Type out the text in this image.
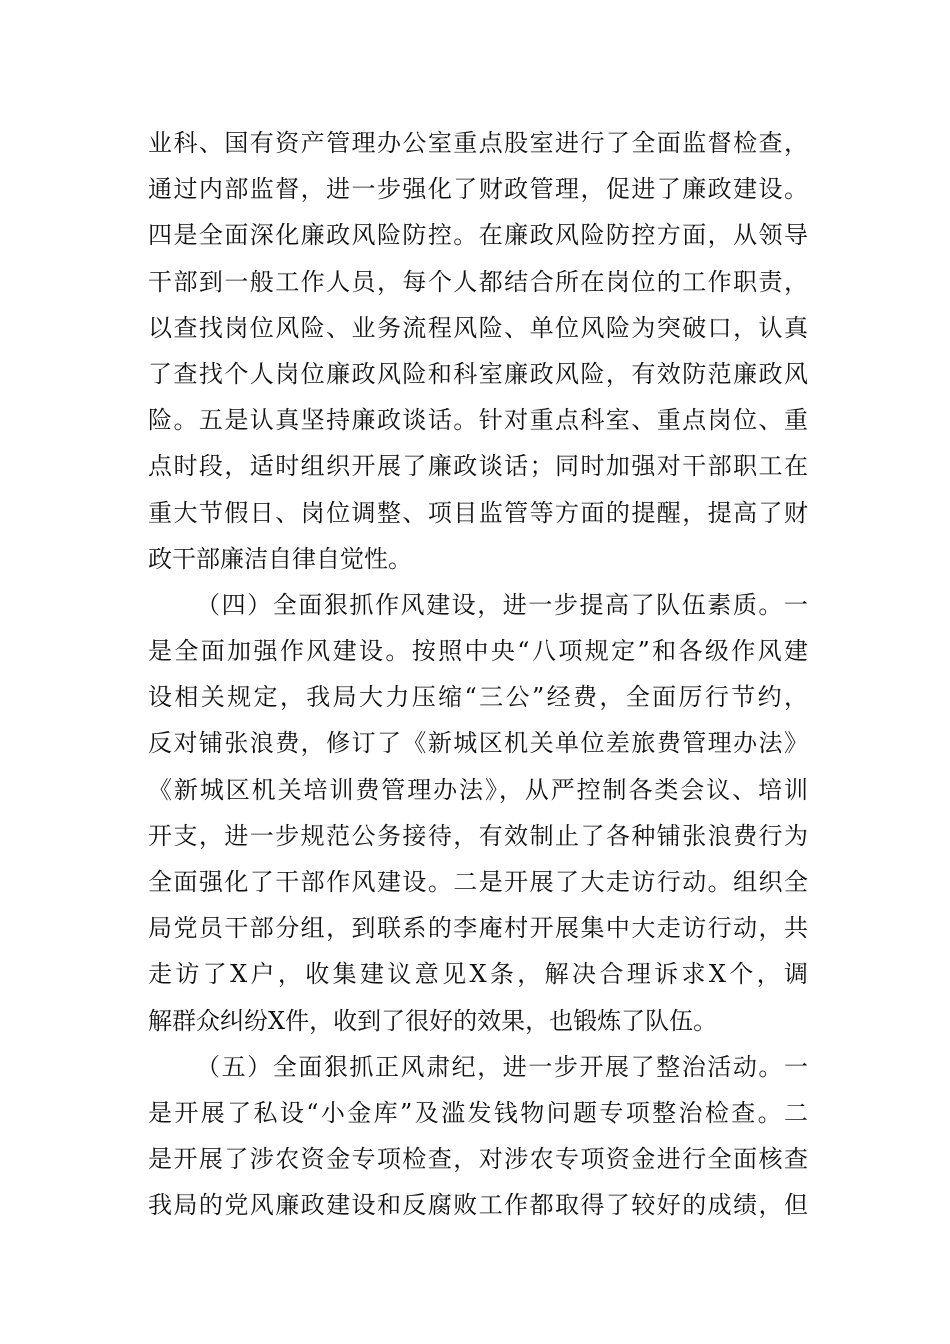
业科、国有资产管理办公室重点股室进行了全面监督检查，
通过内部监督，进一步强化了财政管理，促进了廉政建设。
四是全面深化廉政风险防控。在廉政风险防控方面，从领导
干部到一般工作人员，每个人都结合所在岗位的工作职责，
以查找岗位风险、业务流程风险、单位风险为突破口，认真
了查找个人岗位廉政风险和科室廉政风险，有效防范廉政风
险。五是认真坚持廉政谈话。针对重点科室、重点岗位、重
点时段，适时组织开展了廉政谈话；同时加强对干部职工在
重大节假日、岗位调整、项目监管等方面的提醒，提高了财
政干部廉洁自律自觉性。
（四）全面狠抓作风建设，进一步提高了队伍素质。一
是全面加强作风建设。按照中央“八项规定”和各级作风建
设相关规定，我局大力压缩“三公”经费，全面厉行节约，
反对铺张浪费，修订了《新城区机关单位差旅费管理办法》
《新城区机关培训费管理办法》，从严控制各类会议、培训
开支，进一步规范公务接待，有效制止了各种铺张浪费行为
全面强化了干部作风建设。二是开展了大走访行动。组织全
局党员干部分组，到联系的李庵村开展集中大走访行动，共
走访了X户，收集建议意见X条，解决合理诉求X个，调
解群众纠纷X件，收到了很好的效果，也锻炼了队伍。
（五）全面狠抓正风肃纪，进一步开展了整治活动。一
是开展了私设“小金库”及滥发钱物问题专项整治检查。二
是开展了涉农资金专项检查，对涉农专项资金进行全面核查
我局的党风廉政建设和反腐败工作都取得了较好的成绩，但
